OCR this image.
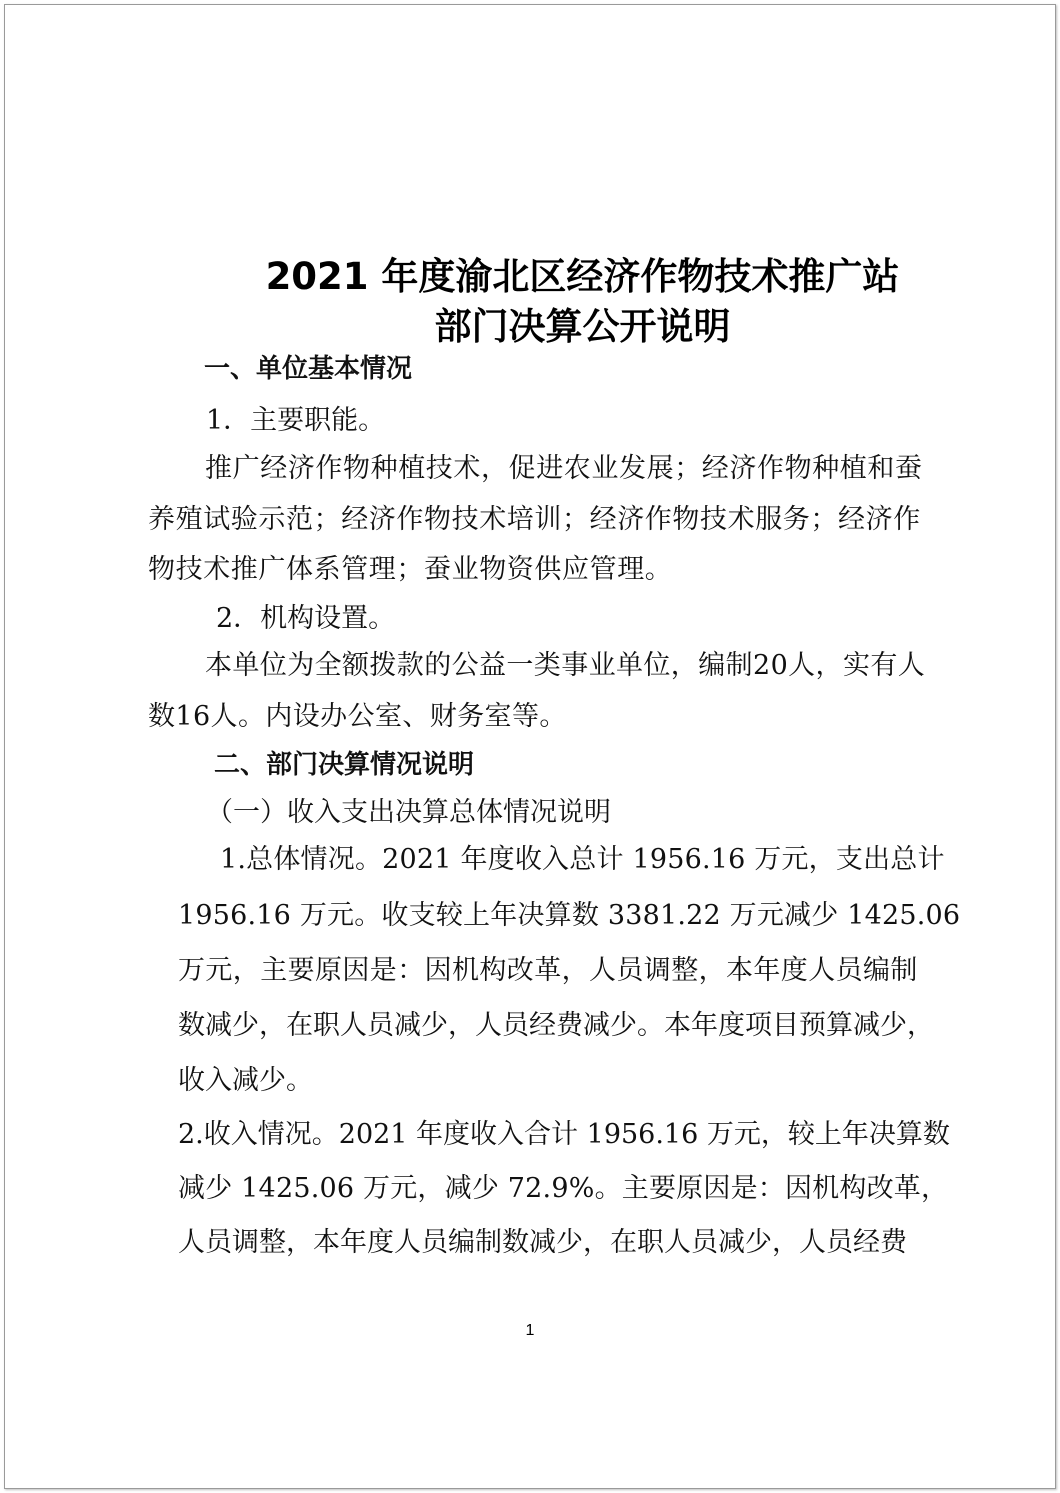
2021 年度渝北区经济作物技术推广站
部门决算公开说明
一、单位基本情况
1．主要职能。
推广经济作物种植技术，促进农业发展；经济作物种植和蚕
养殖试验示范；经济作物技术培训；经济作物技术服务；经济作
物技术推广体系管理；蚕业物资供应管理。
2．机构设置。
本单位为全额拨款的公益一类事业单位，编制20人，实有人
数16人。内设办公室、财务室等。
二、部门决算情况说明
（一）收入支出决算总体情况说明
1.总体情况。2021 年度收入总计 1956.16 万元，支出总计
1956.16 万元。收支较上年决算数 3381.22 万元减少 1425.06
万元，主要原因是：因机构改革，人员调整，本年度人员编制
数减少，在职人员减少，人员经费减少。本年度项目预算减少，
收入减少。
2.收入情况。2021 年度收入合计 1956.16 万元，较上年决算数
减少 1425.06 万元，减少 72.9%。主要原因是：因机构改革，
人员调整，本年度人员编制数减少，在职人员减少，人员经费
1
